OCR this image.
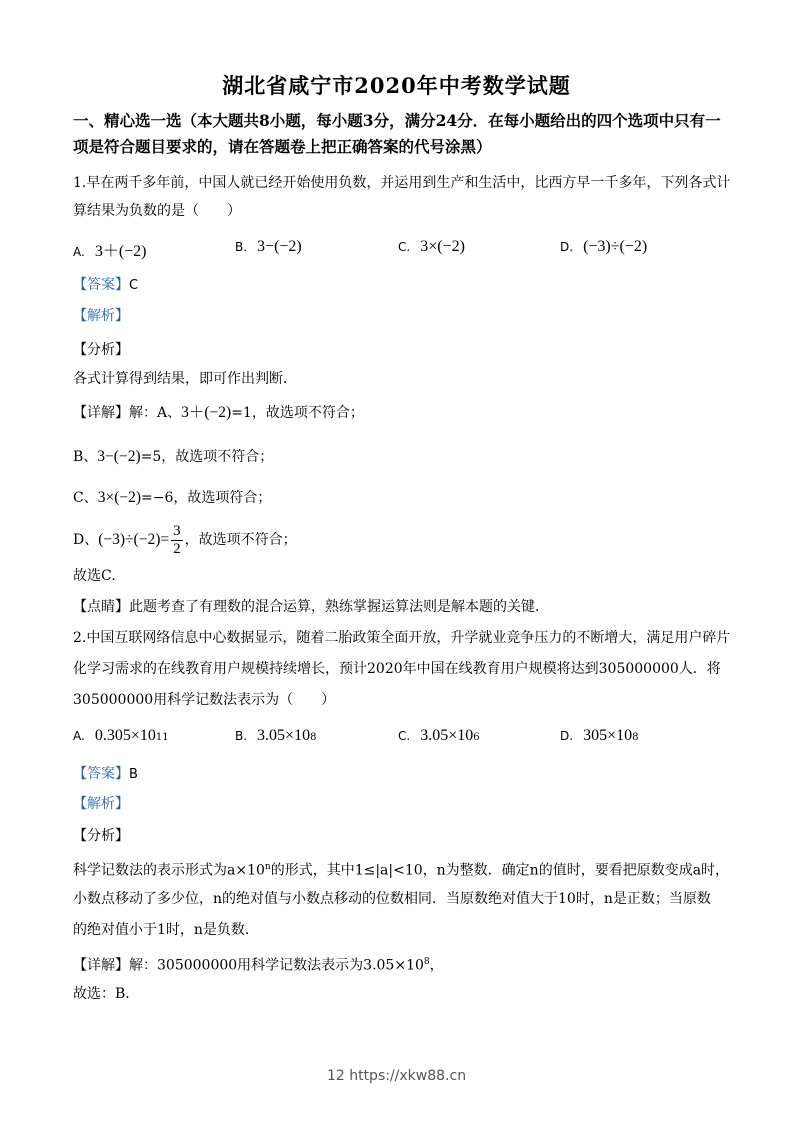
湖北省咸宁市2020年中考数学试题
一、精心选一选（本大题共8小题，每小题3分，满分24分．在每小题给出的四个选项中只有一项是符合题目要求的，请在答题卷上把正确答案的代号涂黑）
1.早在两千多年前，中国人就已经开始使用负数，并运用到生产和生活中，比西方早一千多年，下列各式计
算结果为负数的是（　　）
A. 3＋(−2)	B. 3−(−2)	C. 3×(−2)	D. (−3)÷(−2)
【答案】C
【解析】
【分析】
各式计算得到结果，即可作出判断．
【详解】解：A、3＋(−2)=1，故选项不符合；
B、3−(−2)=5，故选项不符合；
C、3×(−2)=−6，故选项符合；
D、$(-3)\div(-2)= \frac{3}{2}$ ，故选项不符合；
故选C.
【点睛】此题考查了有理数的混合运算，熟练掌握运算法则是解本题的关键．
2.中国互联网络信息中心数据显示，随着二胎政策全面开放，升学就业竞争压力的不断增大，满足用户碎片
化学习需求的在线教育用户规模持续增长，预计2020年中国在线教育用户规模将达到305000000人．将
305000000用科学记数法表示为（　　）
A. 0.305×10 11	B. 3.05×10 8	C. 3.05×10 6	D. 305×10 8
【答案】B
【解析】
【分析】
科学记数法的表示形式为$a\times 10^n$的形式，其中1≤|a|<10，n为整数．确定n的值时，要看把原数变成a时，
小数点移动了多少位，n的绝对值与小数点移动的位数相同．当原数绝对值大于10时，n是正数；当原数
的绝对值小于1时，n是负数．
【详解】解：305000000用科学记数法表示为$3.05\times 10^8$，
故选：B．
12 https://xkw88.cn
